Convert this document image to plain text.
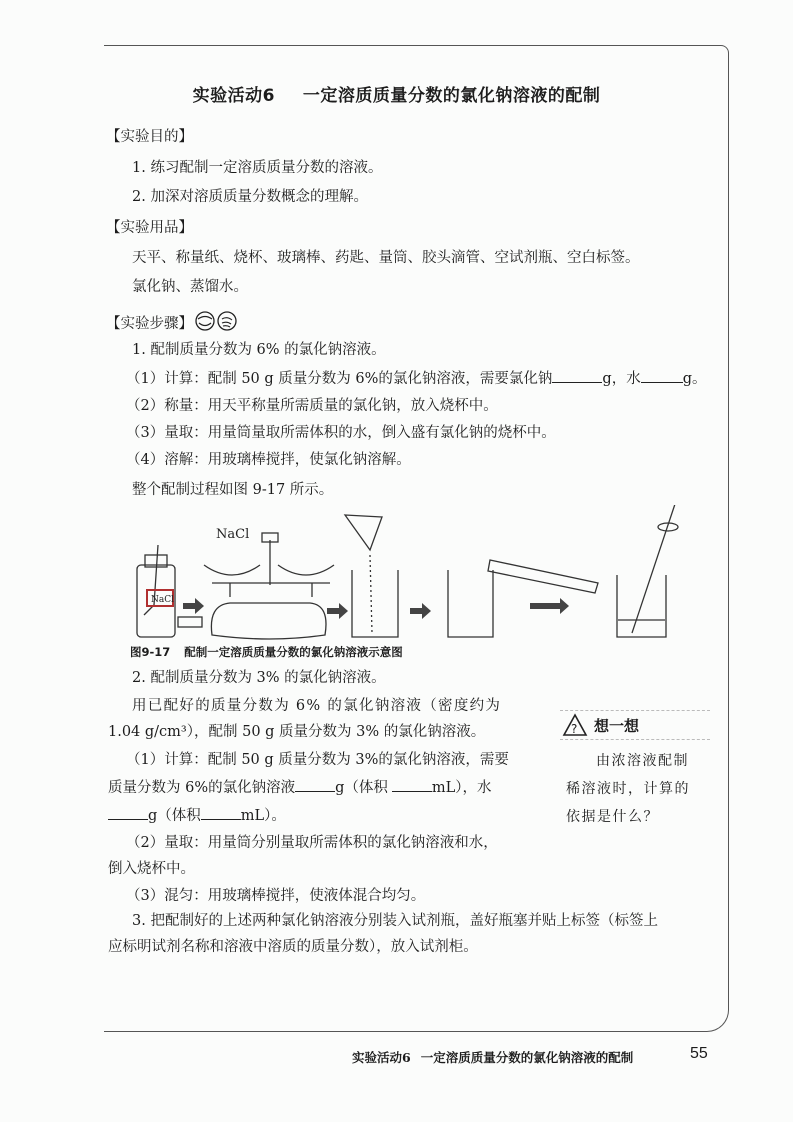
实验活动6 一定溶质质量分数的氯化钠溶液的配制
【实验目的】
1. 练习配制一定溶质质量分数的溶液。
2. 加深对溶质质量分数概念的理解。
【实验用品】
天平、称量纸、烧杯、玻璃棒、药匙、量筒、胶头滴管、空试剂瓶、空白标签。
氯化钠、蒸馏水。
【实验步骤】
1. 配制质量分数为 6% 的氯化钠溶液。
（1）计算：配制 50 g 质量分数为 6%的氯化钠溶液，需要氯化钠	g，水	g。
（2）称量：用天平称量所需质量的氯化钠，放入烧杯中。
（3）量取：用量筒量取所需体积的水，倒入盛有氯化钠的烧杯中。
（4）溶解：用玻璃棒搅拌，使氯化钠溶解。
整个配制过程如图 9-17 所示。
NaCl
NaCl
图9-17 配制一定溶质质量分数的氯化钠溶液示意图
2. 配制质量分数为 3% 的氯化钠溶液。
用已配好的质量分数为 6% 的氯化钠溶液（密度约为
1.04 g/cm³），配制 50 g 质量分数为 3% 的氯化钠溶液。
（1）计算：配制 50 g 质量分数为 3%的氯化钠溶液，需要
质量分数为 6%的氯化钠溶液	g（体积	mL），水
g（体积	mL）。
（2）量取：用量筒分别量取所需体积的氯化钠溶液和水，
倒入烧杯中。
（3）混匀：用玻璃棒搅拌，使液体混合均匀。
3. 把配制好的上述两种氯化钠溶液分别装入试剂瓶，盖好瓶塞并贴上标签（标签上
应标明试剂名称和溶液中溶质的质量分数），放入试剂柜。
? 想一想
由浓溶液配制
稀溶液时，计算的
依据是什么？
实验活动6 一定溶质质量分数的氯化钠溶液的配制	55
